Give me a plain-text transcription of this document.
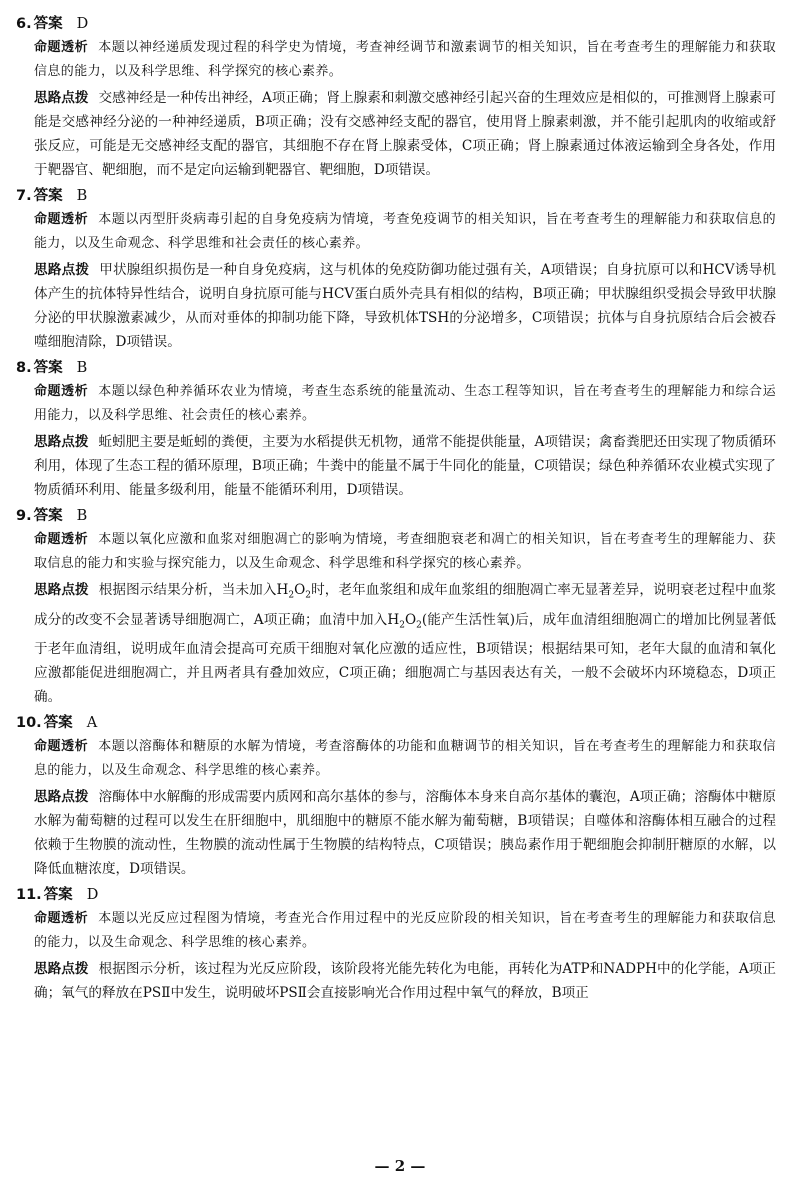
6. 答案 D
命题透析 本题以神经递质发现过程的科学史为情境，考查神经调节和激素调节的相关知识，旨在考查考生的理解能力和获取信息的能力，以及科学思维、科学探究的核心素养。
思路点拨 交感神经是一种传出神经，A项正确；肾上腺素和刺激交感神经引起兴奋的生理效应是相似的，可推测肾上腺素可能是交感神经分泌的一种神经递质，B项正确；没有交感神经支配的器官，使用肾上腺素刺激，并不能引起肌肉的收缩或舒张反应，可能是无交感神经支配的器官，其细胞不存在肾上腺素受体，C项正确；肾上腺素通过体液运输到全身各处，作用于靶器官、靶细胞，而不是定向运输到靶器官、靶细胞，D项错误。
7. 答案 B
命题透析 本题以丙型肝炎病毒引起的自身免疫病为情境，考查免疫调节的相关知识，旨在考查考生的理解能力和获取信息的能力，以及生命观念、科学思维和社会责任的核心素养。
思路点拨 甲状腺组织损伤是一种自身免疫病，这与机体的免疫防御功能过强有关，A项错误；自身抗原可以和HCV诱导机体产生的抗体特异性结合，说明自身抗原可能与HCV蛋白质外壳具有相似的结构，B项正确；甲状腺组织受损会导致甲状腺分泌的甲状腺激素减少，从而对垂体的抑制功能下降，导致机体TSH的分泌增多，C项错误；抗体与自身抗原结合后会被吞噬细胞清除，D项错误。
8. 答案 B
命题透析 本题以绿色种养循环农业为情境，考查生态系统的能量流动、生态工程等知识，旨在考查考生的理解能力和综合运用能力，以及科学思维、社会责任的核心素养。
思路点拨 蚯蚓肥主要是蚯蚓的粪便，主要为水稻提供无机物，通常不能提供能量，A项错误；禽畜粪肥还田实现了物质循环利用，体现了生态工程的循环原理，B项正确；牛粪中的能量不属于牛同化的能量，C项错误；绿色种养循环农业模式实现了物质循环利用、能量多级利用，能量不能循环利用，D项错误。
9. 答案 B
命题透析 本题以氧化应激和血浆对细胞凋亡的影响为情境，考查细胞衰老和凋亡的相关知识，旨在考查考生的理解能力、获取信息的能力和实验与探究能力，以及生命观念、科学思维和科学探究的核心素养。
思路点拨 根据图示结果分析，当未加入$H_2O_2$时，老年血浆组和成年血浆组的细胞凋亡率无显著差异，说明衰老过程中血浆成分的改变不会显著诱导细胞凋亡，A项正确；血清中加入$H_2O_2$(能产生活性氧)后，成年血清组细胞凋亡的增加比例显著低于老年血清组，说明成年血清会提高可充质干细胞对氧化应激的适应性，B项错误；根据结果可知，老年大鼠的血清和氧化应激都能促进细胞凋亡，并且两者具有叠加效应，C项正确；细胞凋亡与基因表达有关，一般不会破坏内环境稳态，D项正确。
10. 答案 A
命题透析 本题以溶酶体和糖原的水解为情境，考查溶酶体的功能和血糖调节的相关知识，旨在考查考生的理解能力和获取信息的能力，以及生命观念、科学思维的核心素养。
思路点拨 溶酶体中水解酶的形成需要内质网和高尔基体的参与，溶酶体本身来自高尔基体的囊泡，A项正确；溶酶体中糖原水解为葡萄糖的过程可以发生在肝细胞中，肌细胞中的糖原不能水解为葡萄糖，B项错误；自噬体和溶酶体相互融合的过程依赖于生物膜的流动性，生物膜的流动性属于生物膜的结构特点，C项错误；胰岛素作用于靶细胞会抑制肝糖原的水解，以降低血糖浓度，D项错误。
11. 答案 D
命题透析 本题以光反应过程图为情境，考查光合作用过程中的光反应阶段的相关知识，旨在考查考生的理解能力和获取信息的能力，以及生命观念、科学思维的核心素养。
思路点拨 根据图示分析，该过程为光反应阶段，该阶段将光能先转化为电能，再转化为ATP和NADPH中的化学能，A项正确；氧气的释放在PSⅡ中发生，说明破坏PSⅡ会直接影响光合作用过程中氧气的释放，B项正
— 2 —
